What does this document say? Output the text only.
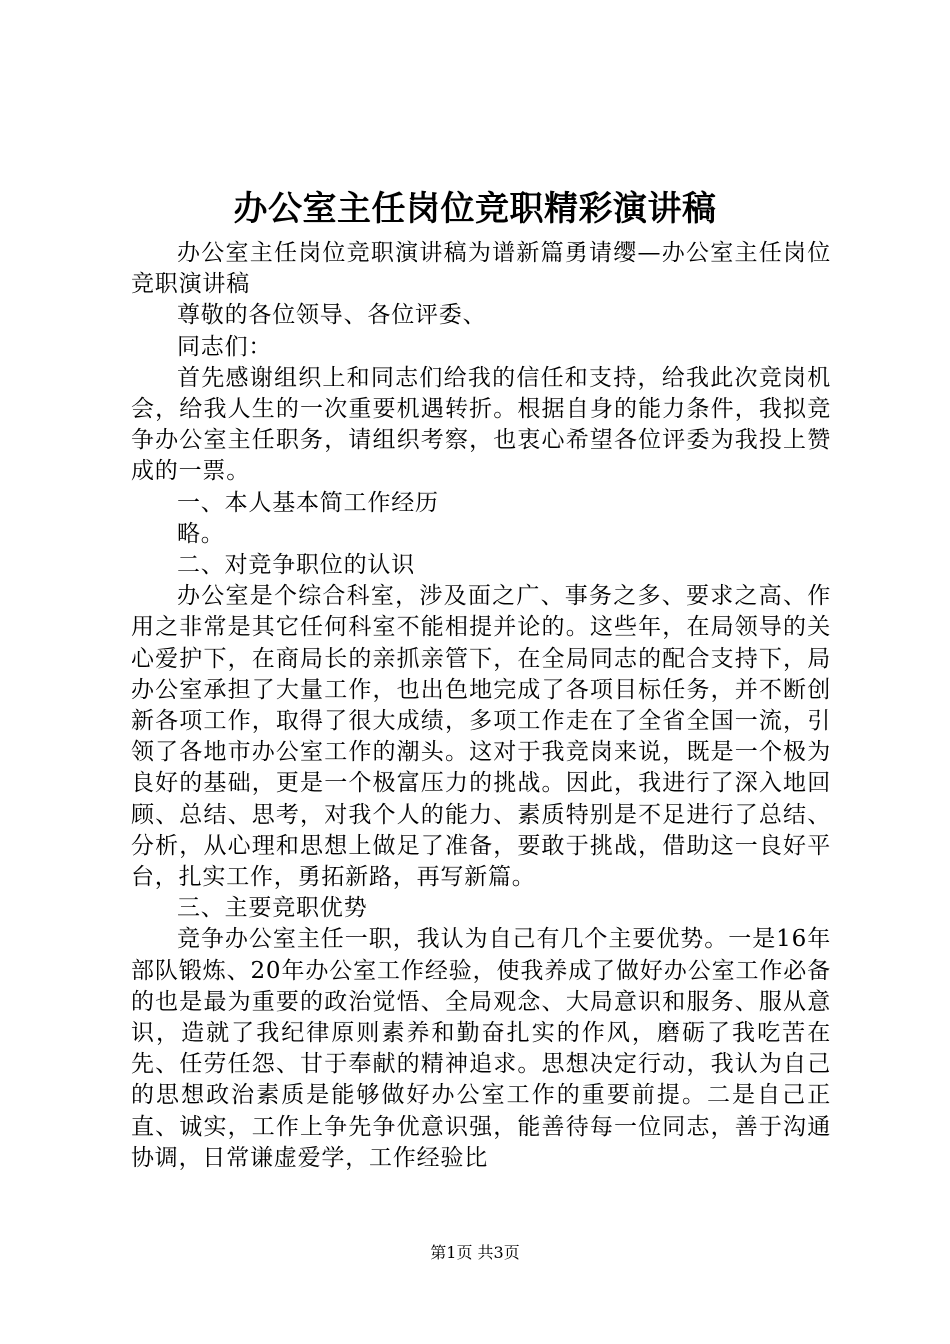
办公室主任岗位竞职精彩演讲稿

办公室主任岗位竞职演讲稿为谱新篇勇请缨—办公室主任岗位竞职演讲稿

尊敬的各位领导、各位评委、

同志们：

首先感谢组织上和同志们给我的信任和支持，给我此次竞岗机会，给我人生的一次重要机遇转折。根据自身的能力条件，我拟竞争办公室主任职务，请组织考察，也衷心希望各位评委为我投上赞成的一票。

一、本人基本简工作经历

略。

二、对竞争职位的认识

办公室是个综合科室，涉及面之广、事务之多、要求之高、作用之非常是其它任何科室不能相提并论的。这些年，在局领导的关心爱护下，在商局长的亲抓亲管下，在全局同志的配合支持下，局办公室承担了大量工作，也出色地完成了各项目标任务，并不断创新各项工作，取得了很大成绩，多项工作走在了全省全国一流，引领了各地市办公室工作的潮头。这对于我竞岗来说，既是一个极为良好的基础，更是一个极富压力的挑战。因此，我进行了深入地回顾、总结、思考，对我个人的能力、素质特别是不足进行了总结、分析，从心理和思想上做足了准备，要敢于挑战，借助这一良好平台，扎实工作，勇拓新路，再写新篇。

三、主要竞职优势

竞争办公室主任一职，我认为自己有几个主要优势。一是16年部队锻炼、20年办公室工作经验，使我养成了做好办公室工作必备的也是最为重要的政治觉悟、全局观念、大局意识和服务、服从意识，造就了我纪律原则素养和勤奋扎实的作风，磨砺了我吃苦在先、任劳任怨、甘于奉献的精神追求。思想决定行动，我认为自己的思想政治素质是能够做好办公室工作的重要前提。二是自己正直、诚实，工作上争先争优意识强，能善待每一位同志，善于沟通协调，日常谦虚爱学，工作经验比

第1页 共3页
